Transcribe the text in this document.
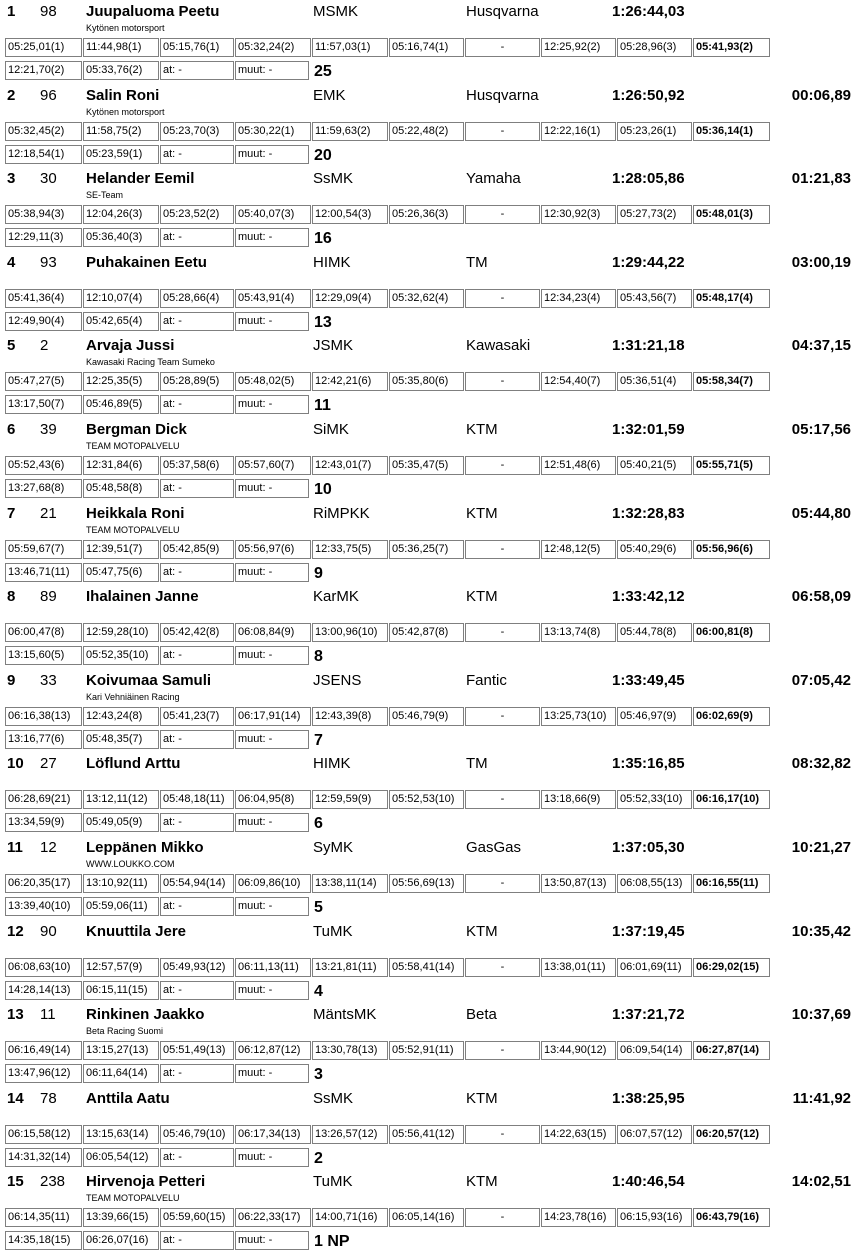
1 98 Juupaluoma Peetu	MSMK	Husqvarna	1:26:44,03
Kytönen motorsport
05:25,01(1)	11:44,98(1)	05:15,76(1)	05:32,24(2)	11:57,03(1)	05:16,74(1)	-	12:25,92(2)	05:28,96(3)	05:41,93(2)
12:21,70(2)	05:33,76(2)	at: -	muut: -	25
2 96 Salin Roni	EMK	Husqvarna	1:26:50,92	00:06,89
Kytönen motorsport
05:32,45(2)	11:58,75(2)	05:23,70(3)	05:30,22(1)	11:59,63(2)	05:22,48(2)	-	12:22,16(1)	05:23,26(1)	05:36,14(1)
12:18,54(1)	05:23,59(1)	at: -	muut: -	20
3 30 Helander Eemil	SsMK	Yamaha	1:28:05,86	01:21,83
SE-Team
05:38,94(3)	12:04,26(3)	05:23,52(2)	05:40,07(3)	12:00,54(3)	05:26,36(3)	-	12:30,92(3)	05:27,73(2)	05:48,01(3)
12:29,11(3)	05:36,40(3)	at: -	muut: -	16
4 93 Puhakainen Eetu	HIMK	TM	1:29:44,22	03:00,19
05:41,36(4)	12:10,07(4)	05:28,66(4)	05:43,91(4)	12:29,09(4)	05:32,62(4)	-	12:34,23(4)	05:43,56(7)	05:48,17(4)
12:49,90(4)	05:42,65(4)	at: -	muut: -	13
5 2	Arvaja Jussi	JSMK	Kawasaki	1:31:21,18	04:37,15
Kawasaki Racing Team Sumeko
05:47,27(5)	12:25,35(5)	05:28,89(5)	05:48,02(5)	12:42,21(6)	05:35,80(6)	-	12:54,40(7)	05:36,51(4)	05:58,34(7)
13:17,50(7)	05:46,89(5)	at: -	muut: -	11
6 39 Bergman Dick	SiMK	KTM	1:32:01,59	05:17,56
TEAM MOTOPALVELU
05:52,43(6)	12:31,84(6)	05:37,58(6)	05:57,60(7)	12:43,01(7)	05:35,47(5)	-	12:51,48(6)	05:40,21(5)	05:55,71(5)
13:27,68(8)	05:48,58(8)	at: -	muut: -	10
7 21 Heikkala Roni	RiMPKK	KTM	1:32:28,83	05:44,80
TEAM MOTOPALVELU
05:59,67(7)	12:39,51(7)	05:42,85(9)	05:56,97(6)	12:33,75(5)	05:36,25(7)	-	12:48,12(5)	05:40,29(6)	05:56,96(6)
13:46,71(11)	05:47,75(6)	at: -	muut: -	9
8 89 Ihalainen Janne	KarMK	KTM	1:33:42,12	06:58,09
06:00,47(8)	12:59,28(10)	05:42,42(8)	06:08,84(9)	13:00,96(10)	05:42,87(8)	-	13:13,74(8)	05:44,78(8)	06:00,81(8)
13:15,60(5)	05:52,35(10)	at: -	muut: -	8
9 33 Koivumaa Samuli	JSENS	Fantic	1:33:49,45	07:05,42
Kari Vehniäinen Racing
06:16,38(13)	12:43,24(8)	05:41,23(7)	06:17,91(14)	12:43,39(8)	05:46,79(9)	-	13:25,73(10)	05:46,97(9)	06:02,69(9)
13:16,77(6)	05:48,35(7)	at: -	muut: -	7
10 27 Löflund Arttu	HIMK	TM	1:35:16,85	08:32,82
06:28,69(21)	13:12,11(12)	05:48,18(11)	06:04,95(8)	12:59,59(9)	05:52,53(10)	-	13:18,66(9)	05:52,33(10)	06:16,17(10)
13:34,59(9)	05:49,05(9)	at: -	muut: -	6
11 12 Leppänen Mikko	SyMK	GasGas	1:37:05,30	10:21,27
WWW.LOUKKO.COM
06:20,35(17)	13:10,92(11)	05:54,94(14)	06:09,86(10)	13:38,11(14)	05:56,69(13)	-	13:50,87(13)	06:08,55(13)	06:16,55(11)
13:39,40(10)	05:59,06(11)	at: -	muut: -	5
12 90 Knuuttila Jere	TuMK	KTM	1:37:19,45	10:35,42
06:08,63(10)	12:57,57(9)	05:49,93(12)	06:11,13(11)	13:21,81(11)	05:58,41(14)	-	13:38,01(11)	06:01,69(11)	06:29,02(15)
14:28,14(13)	06:15,11(15)	at: -	muut: -	4
13 11 Rinkinen Jaakko	MäntsMK	Beta	1:37:21,72	10:37,69
Beta Racing Suomi
06:16,49(14)	13:15,27(13)	05:51,49(13)	06:12,87(12)	13:30,78(13)	05:52,91(11)	-	13:44,90(12)	06:09,54(14)	06:27,87(14)
13:47,96(12)	06:11,64(14)	at: -	muut: -	3
14 78 Anttila Aatu	SsMK	KTM	1:38:25,95	11:41,92
06:15,58(12)	13:15,63(14)	05:46,79(10)	06:17,34(13)	13:26,57(12)	05:56,41(12)	-	14:22,63(15)	06:07,57(12)	06:20,57(12)
14:31,32(14)	06:05,54(12)	at: -	muut: -	2
15 238 Hirvenoja Petteri	TuMK	KTM	1:40:46,54	14:02,51
TEAM MOTOPALVELU
06:14,35(11)	13:39,66(15)	05:59,60(15)	06:22,33(17)	14:00,71(16)	06:05,14(16)	-	14:23,78(16)	06:15,93(16)	06:43,79(16)
14:35,18(15)	06:26,07(16)	at: -	muut: -	1 NP
